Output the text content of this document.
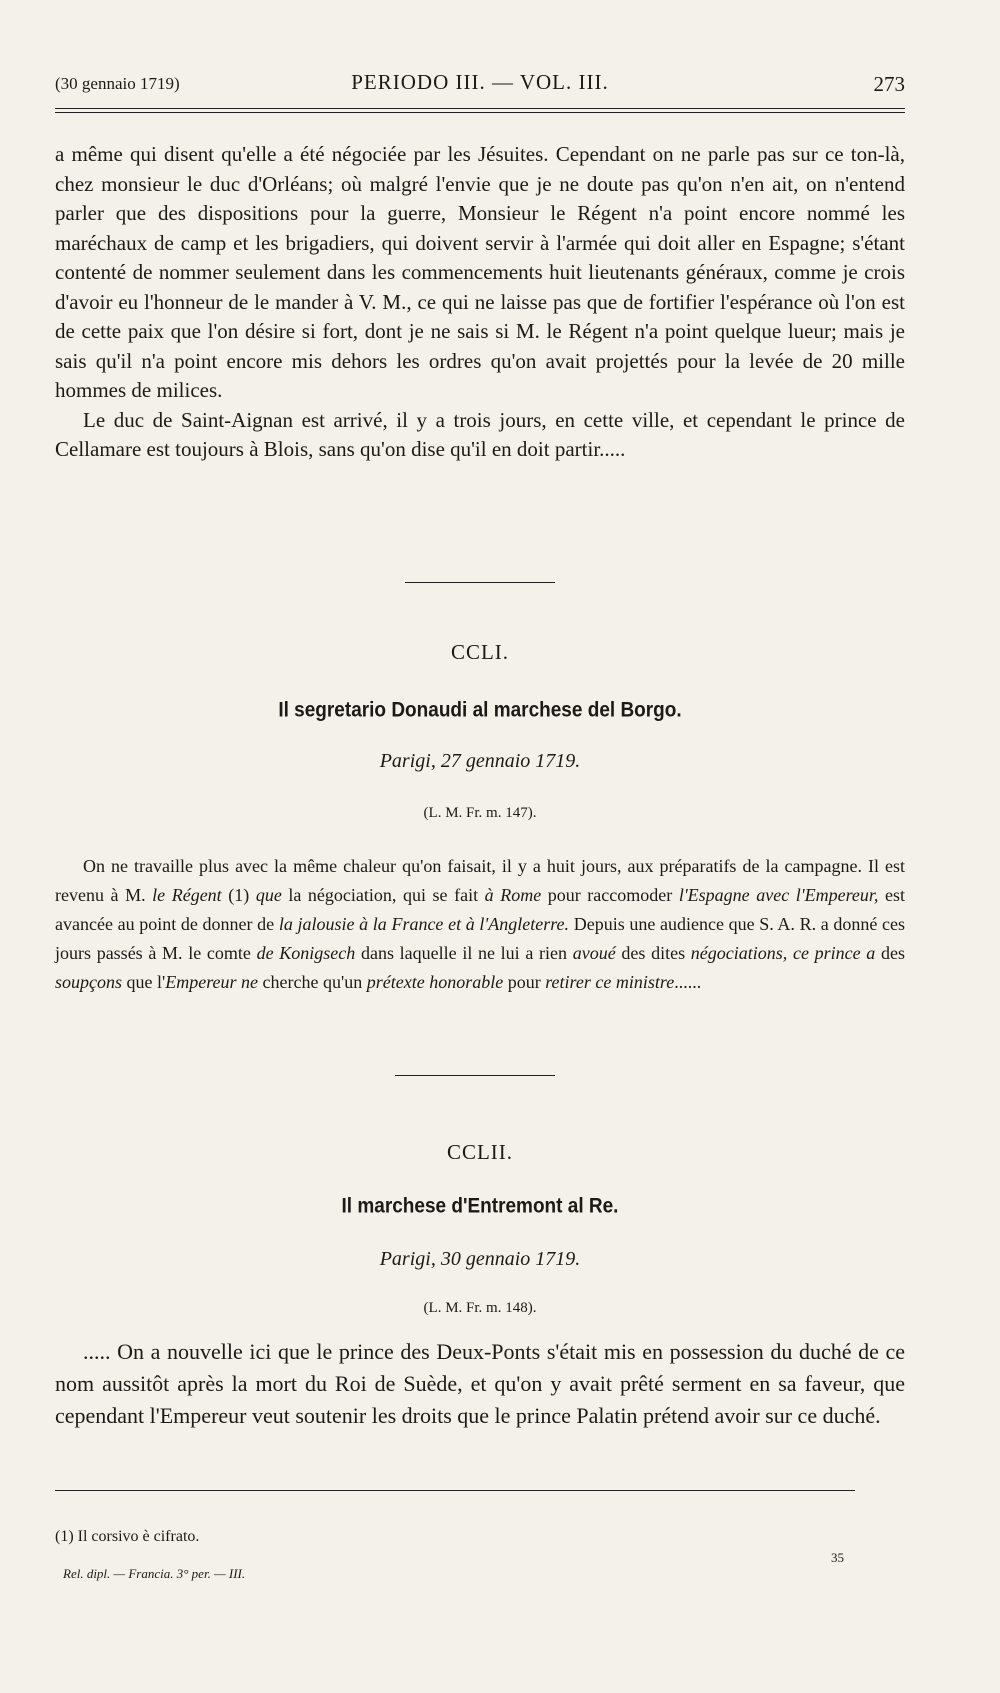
(30 gennaio 1719)	PERIODO III. — VOL. III.	273

a même qui disent qu'elle a été négociée par les Jésuites. Cependant on ne parle pas sur ce ton-là, chez monsieur le duc d'Orléans; où malgré l'envie que je ne doute pas qu'on n'en ait, on n'entend parler que des dispositions pour la guerre, Monsieur le Régent n'a point encore nommé les maréchaux de camp et les brigadiers, qui doivent servir à l'armée qui doit aller en Espagne; s'étant contenté de nommer seulement dans les commencements huit lieutenants généraux, comme je crois d'avoir eu l'honneur de le mander à V. M., ce qui ne laisse pas que de fortifier l'espérance où l'on est de cette paix que l'on désire si fort, dont je ne sais si M. le Régent n'a point quelque lueur; mais je sais qu'il n'a point encore mis dehors les ordres qu'on avait projettés pour la levée de 20 mille hommes de milices.

Le duc de Saint-Aignan est arrivé, il y a trois jours, en cette ville, et cependant le prince de Cellamare est toujours à Blois, sans qu'on dise qu'il en doit partir.....

CCLI.
Il segretario Donaudi al marchese del Borgo.
Parigi, 27 gennaio 1719.
(L. M. Fr. m. 147).

On ne travaille plus avec la même chaleur qu'on faisait, il y a huit jours, aux préparatifs de la campagne. Il est revenu à M. le Régent (1) que la négociation, qui se fait à Rome pour raccomoder l'Espagne avec l'Empereur, est avancée au point de donner de la jalousie à la France et à l'Angleterre. Depuis une audience que S. A. R. a donné ces jours passés à M. le comte de Konigsech dans laquelle il ne lui a rien avoué des dites négociations, ce prince a des soupçons que l'Empereur ne cherche qu'un prétexte honorable pour retirer ce ministre......

CCLII.
Il marchese d'Entremont al Re.
Parigi, 30 gennaio 1719.
(L. M. Fr. m. 148).

..... On a nouvelle ici que le prince des Deux-Ponts s'était mis en possession du duché de ce nom aussitôt après la mort du Roi de Suède, et qu'on y avait prêté serment en sa faveur, que cependant l'Empereur veut soutenir les droits que le prince Palatin prétend avoir sur ce duché.

(1) Il corsivo è cifrato.
Rel. dipl. — Francia. 3° per. — III.
35
